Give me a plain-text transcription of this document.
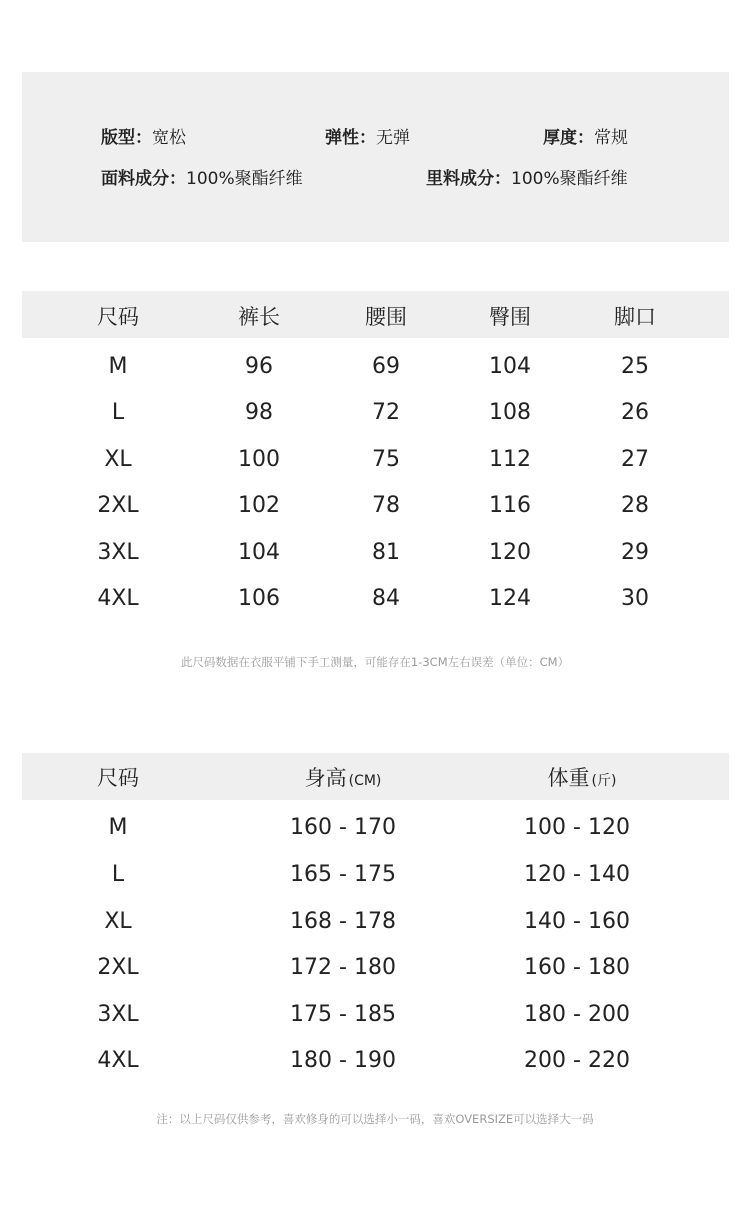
版型：宽松	弹性：无弹	厚度：常规
面料成分：100%聚酯纤维	里料成分：100%聚酯纤维
尺码	裤长	腰围	臀围	脚口
M	96	69	104	25
L	98	72	108	26
XL	100	75	112	27
2XL	102	78	116	28
3XL	104	81	120	29
4XL	106	84	124	30
此尺码数据在衣服平铺下手工测量，可能存在1-3CM左右误差（单位：CM）
尺码	身高 (CM)	体重 (斤)
M	160 - 170	100 - 120
L	165 - 175	120 - 140
XL	168 - 178	140 - 160
2XL	172 - 180	160 - 180
3XL	175 - 185	180 - 200
4XL	180 - 190	200 - 220
注：以上尺码仅供参考，喜欢修身的可以选择小一码，喜欢OVERSIZE可以选择大一码
